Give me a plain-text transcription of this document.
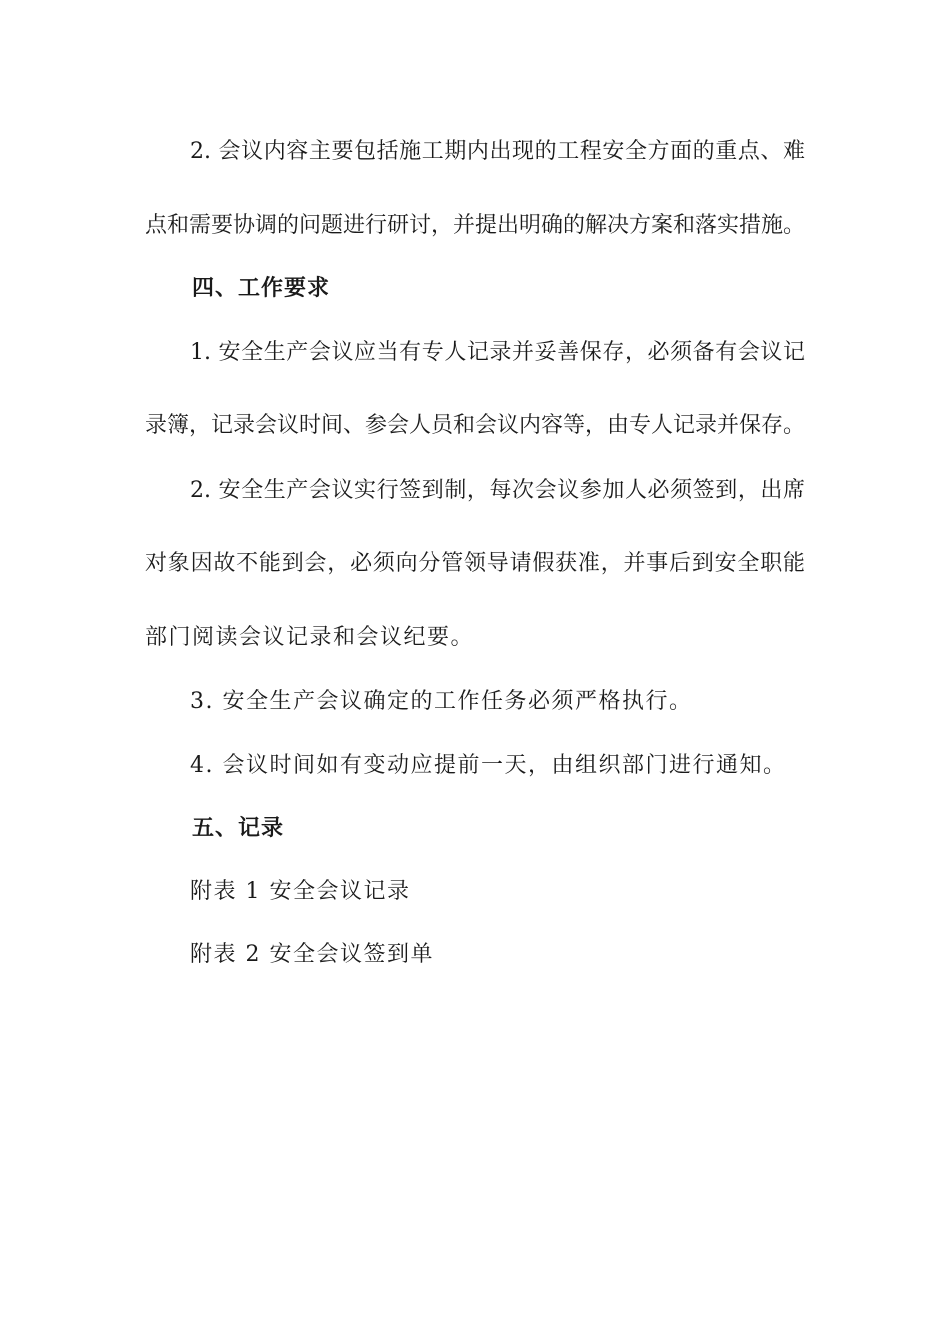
2. 会议内容主要包括施工期内出现的工程安全方面的重点、难
点和需要协调的问题进行研讨，并提出明确的解决方案和落实措施。
四、工作要求
1. 安全生产会议应当有专人记录并妥善保存，必须备有会议记
录簿，记录会议时间、参会人员和会议内容等，由专人记录并保存。
2. 安全生产会议实行签到制，每次会议参加人必须签到，出席
对象因故不能到会，必须向分管领导请假获准，并事后到安全职能
部门阅读会议记录和会议纪要。
3. 安全生产会议确定的工作任务必须严格执行。
4. 会议时间如有变动应提前一天，由组织部门进行通知。
五、记录
附表 1 安全会议记录
附表 2 安全会议签到单
